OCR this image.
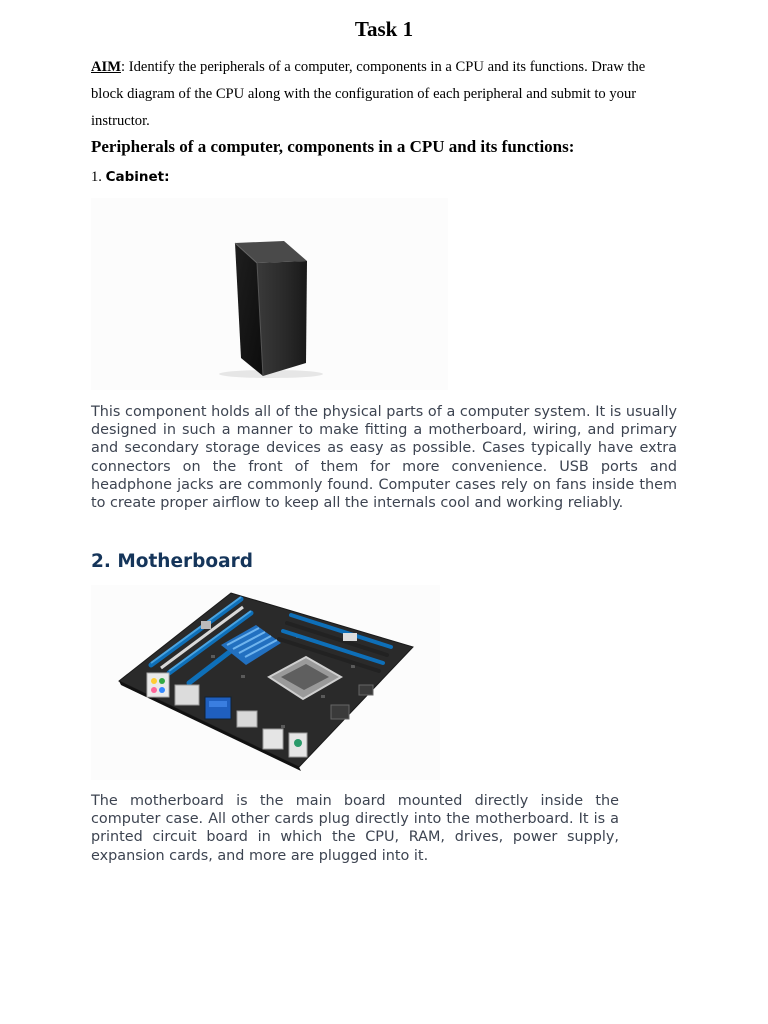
Task 1

AIM: Identify the peripherals of a computer, components in a CPU and its functions. Draw the block diagram of the CPU along with the configuration of each peripheral and submit to your instructor.

Peripherals of a computer, components in a CPU and its functions:

1. Cabinet:

This component holds all of the physical parts of a computer system. It is usually designed in such a manner to make fitting a motherboard, wiring, and primary and secondary storage devices as easy as possible. Cases typically have extra connectors on the front of them for more convenience. USB ports and headphone jacks are commonly found. Computer cases rely on fans inside them to create proper airflow to keep all the internals cool and working reliably.

2. Motherboard

The motherboard is the main board mounted directly inside the computer case. All other cards plug directly into the motherboard. It is a printed circuit board in which the CPU, RAM, drives, power supply, expansion cards, and more are plugged into it.
